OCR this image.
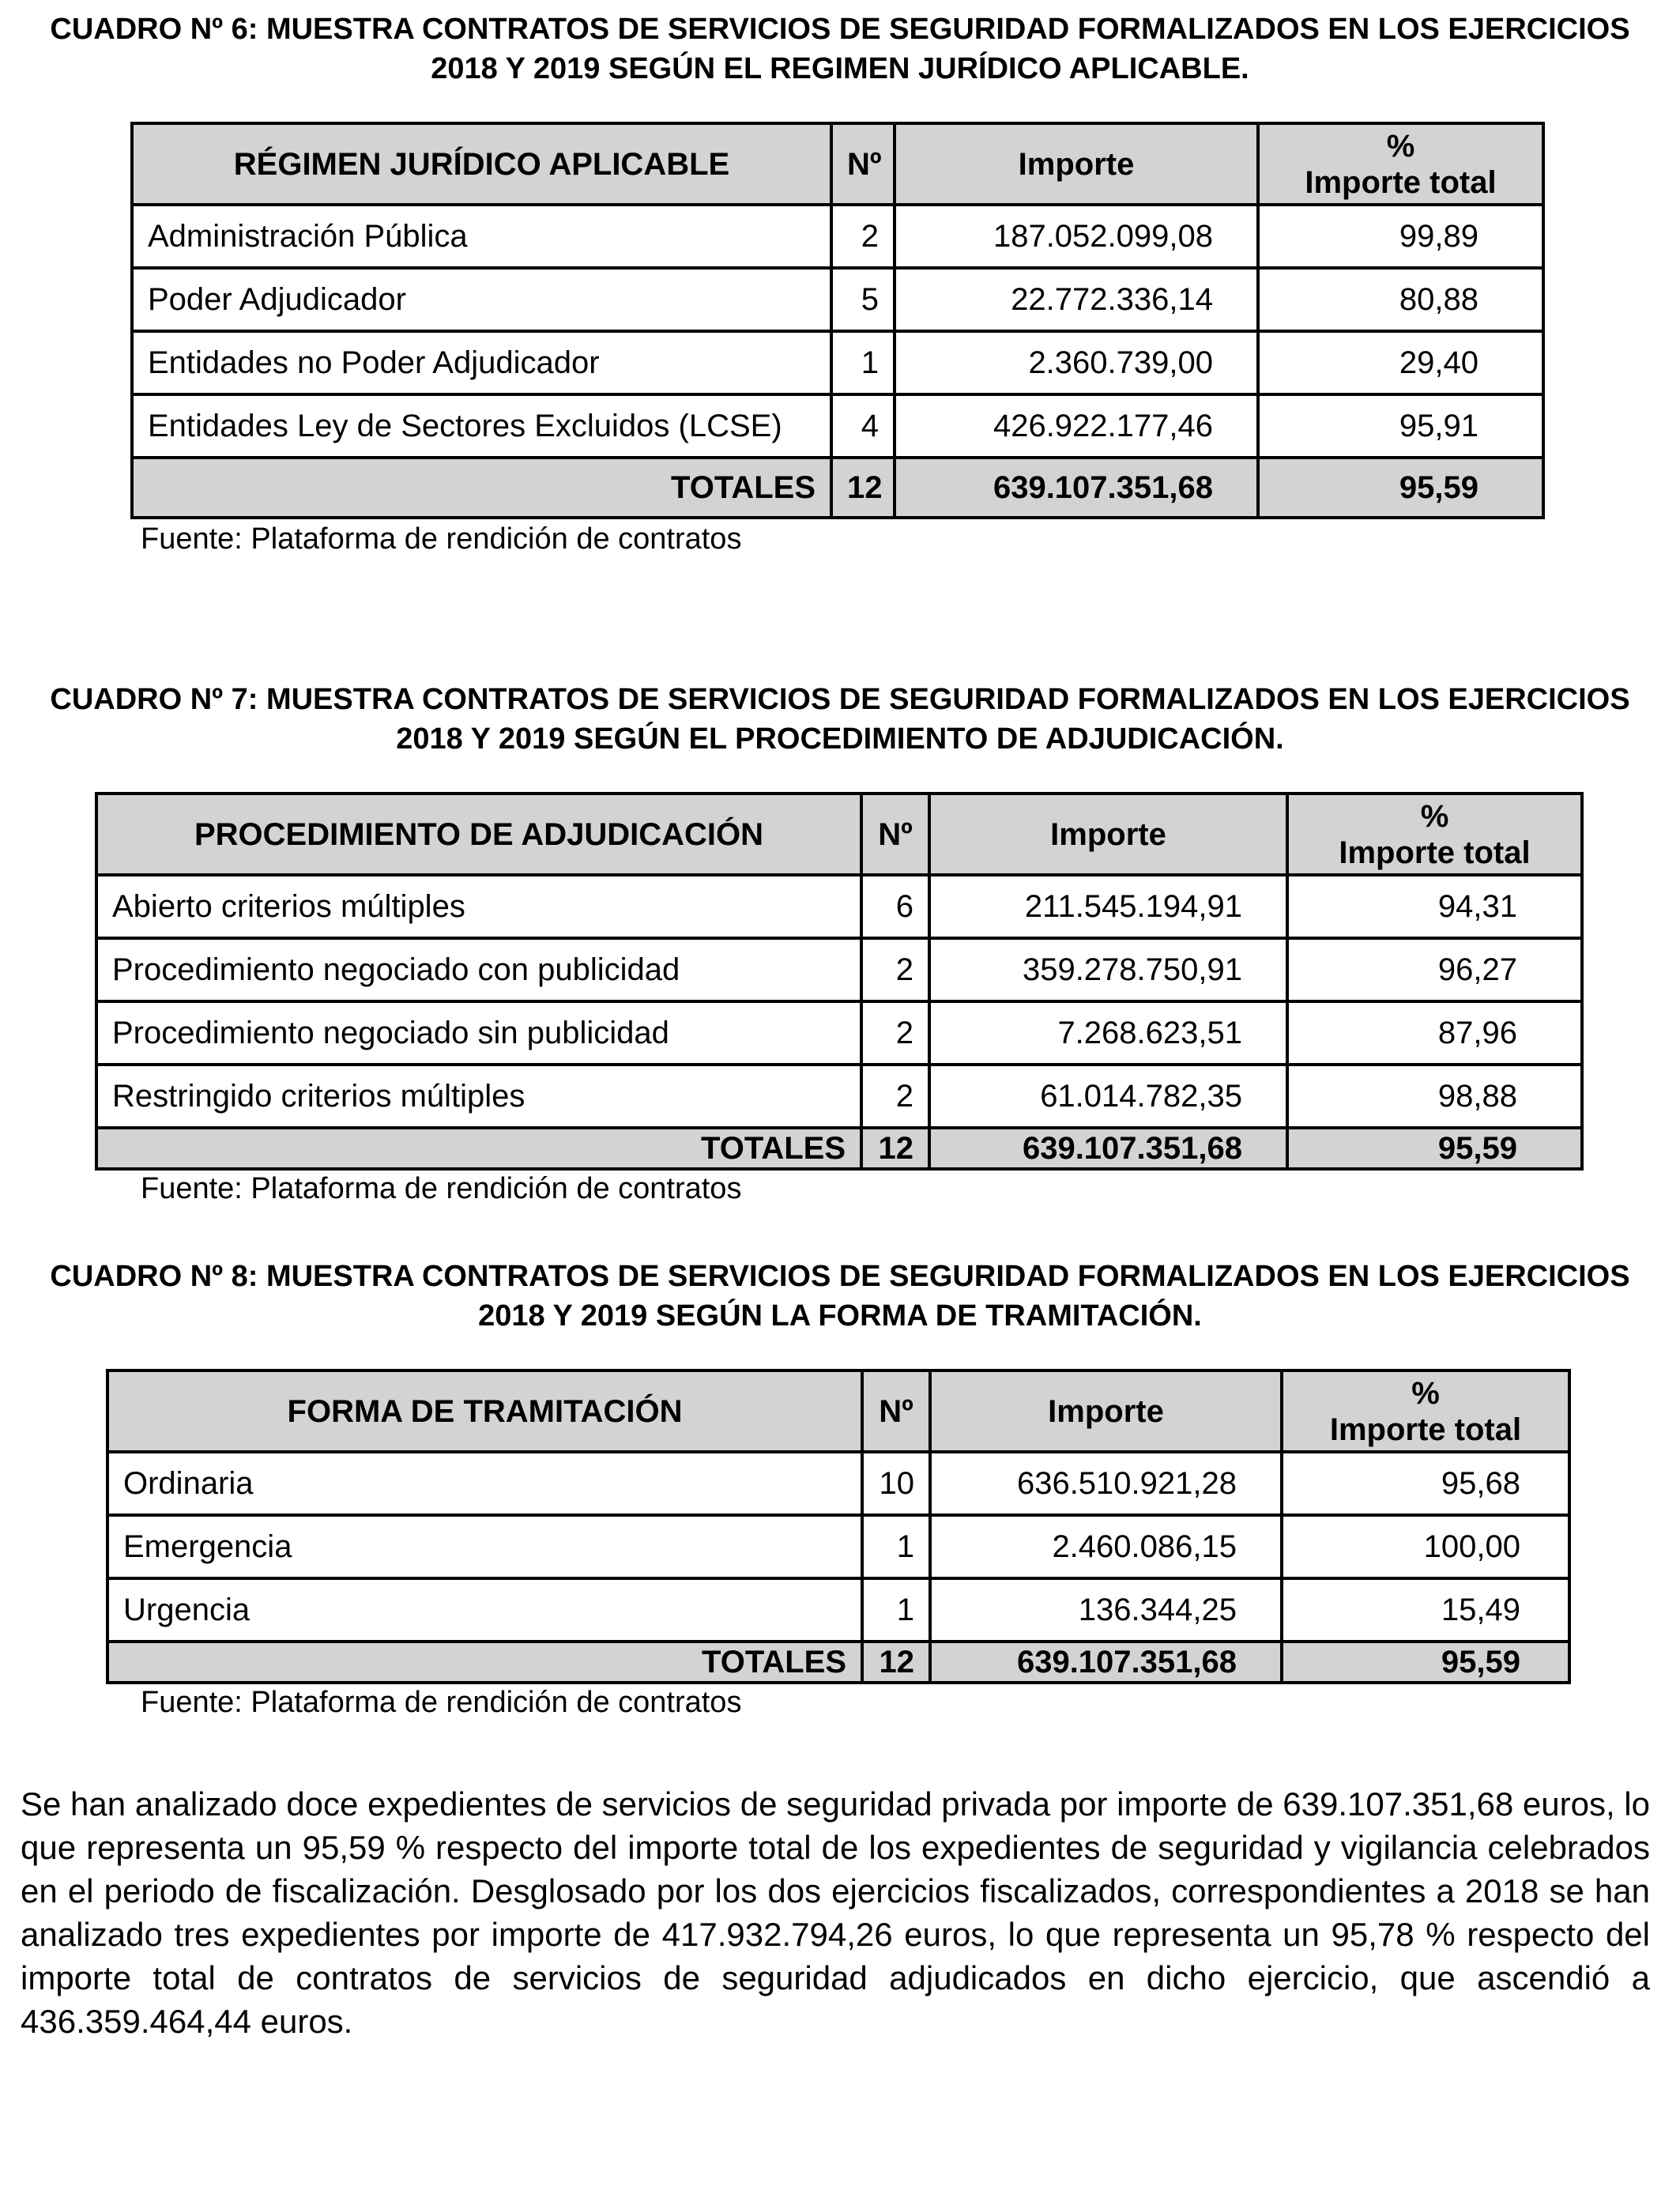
CUADRO Nº 6: MUESTRA CONTRATOS DE SERVICIOS DE SEGURIDAD FORMALIZADOS EN LOS EJERCICIOS 2018 Y 2019 SEGÚN EL REGIMEN JURÍDICO APLICABLE.
RÉGIMEN JURÍDICO APLICABLE	Nº	Importe	%
Importe total
Administración Pública	2	187.052.099,08	99,89
Poder Adjudicador	5	22.772.336,14	80,88
Entidades no Poder Adjudicador	1	2.360.739,00	29,40
Entidades Ley de Sectores Excluidos (LCSE)	4	426.922.177,46	95,91
TOTALES	12	639.107.351,68	95,59
Fuente: Plataforma de rendición de contratos
CUADRO Nº 7: MUESTRA CONTRATOS DE SERVICIOS DE SEGURIDAD FORMALIZADOS EN LOS EJERCICIOS 2018 Y 2019 SEGÚN EL PROCEDIMIENTO DE ADJUDICACIÓN.
PROCEDIMIENTO DE ADJUDICACIÓN	Nº	Importe	%
Importe total
Abierto criterios múltiples	6	211.545.194,91	94,31
Procedimiento negociado con publicidad	2	359.278.750,91	96,27
Procedimiento negociado sin publicidad	2	7.268.623,51	87,96
Restringido criterios múltiples	2	61.014.782,35	98,88
TOTALES	12	639.107.351,68	95,59
Fuente: Plataforma de rendición de contratos
CUADRO Nº 8: MUESTRA CONTRATOS DE SERVICIOS DE SEGURIDAD FORMALIZADOS EN LOS EJERCICIOS 2018 Y 2019 SEGÚN LA FORMA DE TRAMITACIÓN.
FORMA DE TRAMITACIÓN	Nº	Importe	%
Importe total
Ordinaria	10	636.510.921,28	95,68
Emergencia	1	2.460.086,15	100,00
Urgencia	1	136.344,25	15,49
TOTALES	12	639.107.351,68	95,59
Fuente: Plataforma de rendición de contratos

Se han analizado doce expedientes de servicios de seguridad privada por importe de 639.107.351,68 euros, lo que representa un 95,59 % respecto del importe total de los expedientes de seguridad y vigilancia celebrados en el periodo de fiscalización. Desglosado por los dos ejercicios fiscalizados, correspondientes a 2018 se han analizado tres expedientes por importe de 417.932.794,26 euros, lo que representa un 95,78 % respecto del importe total de contratos de servicios de seguridad adjudicados en dicho ejercicio, que ascendió a 436.359.464,44 euros.
